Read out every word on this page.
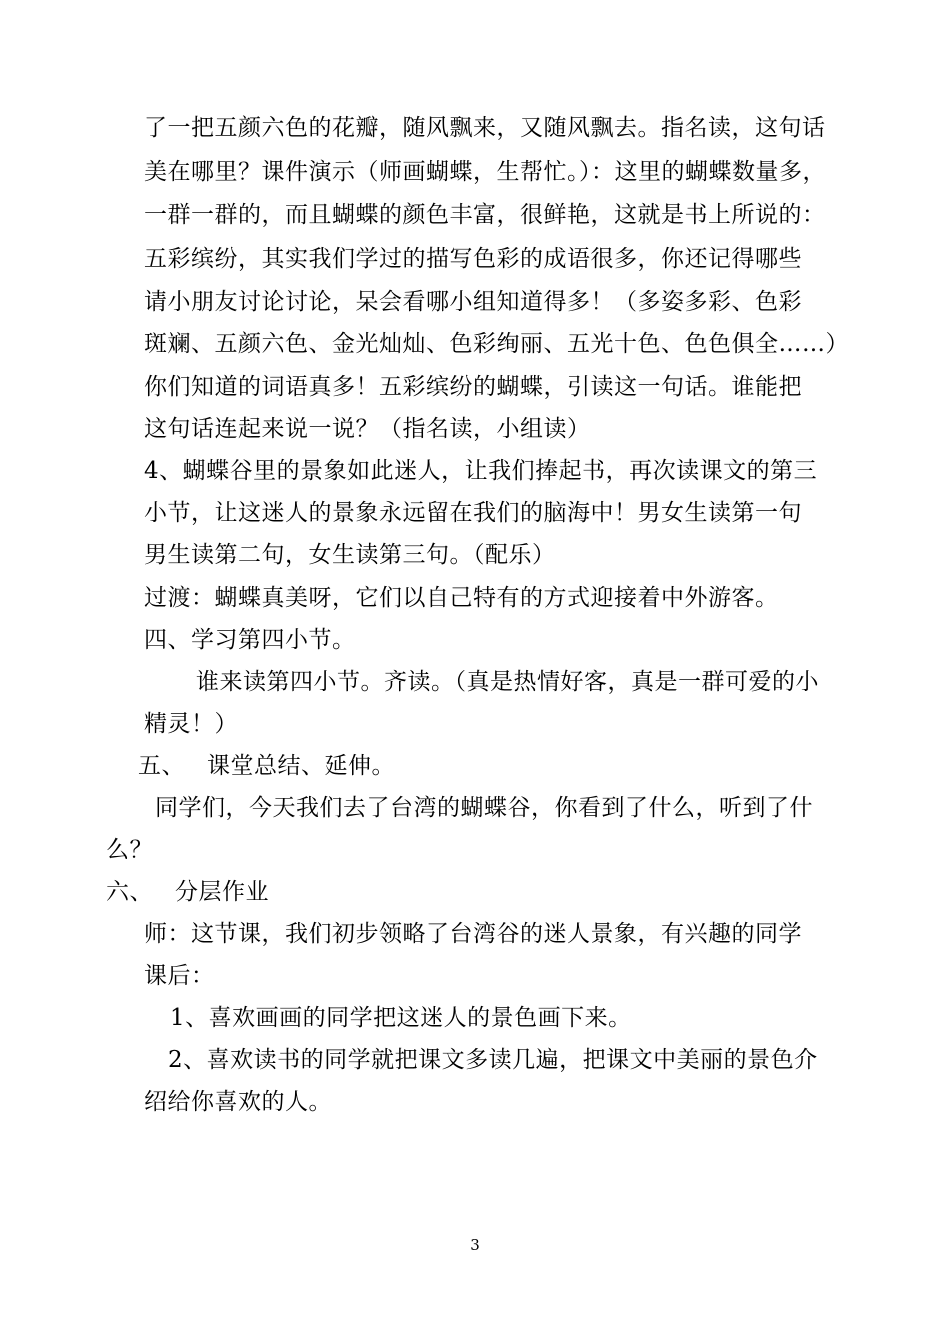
了一把五颜六色的花瓣，随风飘来，又随风飘去。指名读，这句话
美在哪里？课件演示（师画蝴蝶，生帮忙。）：这里的蝴蝶数量多，
一群一群的，而且蝴蝶的颜色丰富，很鲜艳，这就是书上所说的：
五彩缤纷，其实我们学过的描写色彩的成语很多，你还记得哪些
请小朋友讨论讨论，呆会看哪小组知道得多！（多姿多彩、色彩
斑斓、五颜六色、金光灿灿、色彩绚丽、五光十色、色色俱全……）
你们知道的词语真多！五彩缤纷的蝴蝶，引读这一句话。谁能把
这句话连起来说一说？（指名读，小组读）
4、蝴蝶谷里的景象如此迷人，让我们捧起书，再次读课文的第三
小节，让这迷人的景象永远留在我们的脑海中！男女生读第一句
男生读第二句，女生读第三句。（配乐）
过渡：蝴蝶真美呀，它们以自己特有的方式迎接着中外游客。
四、学习第四小节。
谁来读第四小节。齐读。（真是热情好客，真是一群可爱的小
精灵！）
五、 课堂总结、延伸。
同学们，今天我们去了台湾的蝴蝶谷，你看到了什么，听到了什
么？
六、 分层作业
师：这节课，我们初步领略了台湾谷的迷人景象，有兴趣的同学
课后：
1、喜欢画画的同学把这迷人的景色画下来。
2、喜欢读书的同学就把课文多读几遍，把课文中美丽的景色介
绍给你喜欢的人。
3
